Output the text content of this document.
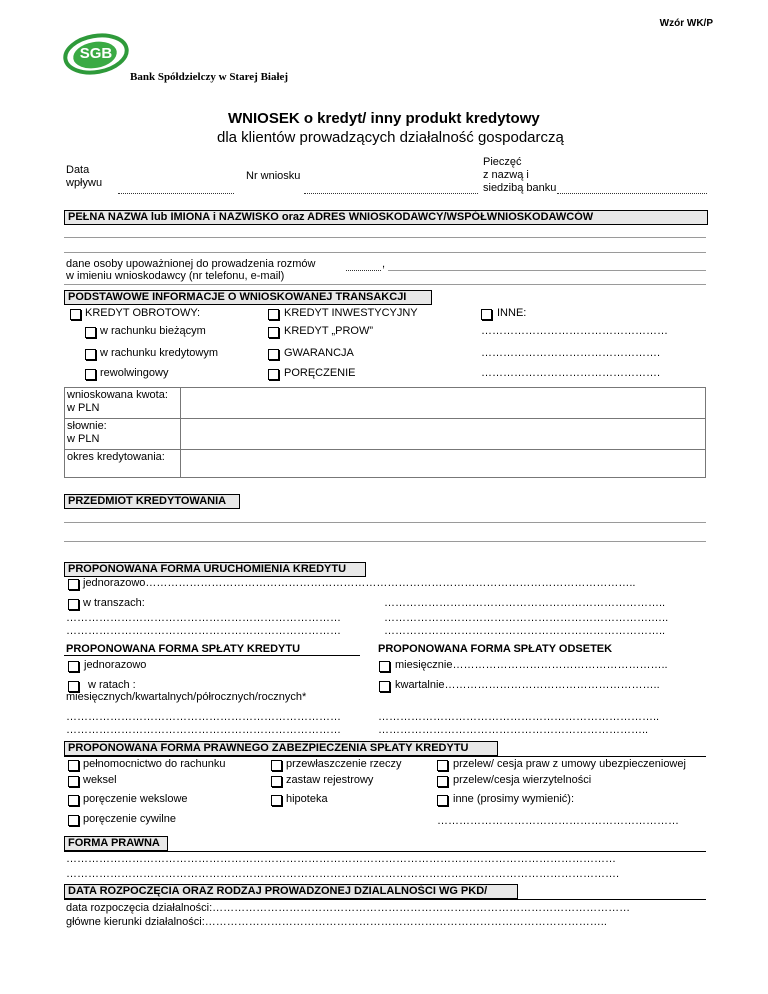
Wzór WK/P
SGB
Bank Spółdzielczy w Starej Białej
WNIOSEK o kredyt/ inny produkt kredytowy
dla klientów prowadzących działalność gospodarczą
Data
wpływu
Nr wniosku
Pieczęć
z nazwą i
siedzibą banku
PEŁNA NAZWA lub IMIONA i NAZWISKO oraz ADRES WNIOSKODAWCY/WSPÓŁWNIOSKODAWCÓW
dane osoby upoważnionej do prowadzenia rozmów
w imieniu wnioskodawcy (nr telefonu, e-mail)
,
PODSTAWOWE INFORMACJE O WNIOSKOWANEJ TRANSAKCJI
KREDYT OBROTOWY:
w rachunku bieżącym
w rachunku kredytowym
rewolwingowy
KREDYT INWESTYCYJNY
KREDYT „PROW”
GWARANCJA
PORĘCZENIE
INNE:
……………………………………………
………………………………………….
………………………………………….
wnioskowana kwota:
w PLN	
słownie:
w PLN	
okres kredytowania:	
PRZEDMIOT KREDYTOWANIA
PROPONOWANA FORMA URUCHOMIENIA KREDYTU
jednorazowo……………………………………………………………………………………………………………………..
w transzach:
…………………………………………………………………
…………………………………………………………………
…………………………………………………………………..
……………………………………………………………….…..
…………………………………………………………………..
PROPONOWANA FORMA SPŁATY KREDYTU	PROPONOWANA FORMA SPŁATY ODSETEK
jednorazowo
w ratach :
miesięcznych/kwartalnych/półrocznych/rocznych*
…………………………………………………………………
…………………………………………………………………
miesięcznie…………………………………………………..
kwartalnie…………………………………………………..
…………………………………………………………………..
………………………………………………………………..
PROPONOWANA FORMA PRAWNEGO ZABEZPIECZENIA SPŁATY KREDYTU
pełnomocnictwo do rachunku
weksel
poręczenie wekslowe
poręczenie cywilne
przewłaszczenie rzeczy
zastaw rejestrowy
hipoteka
przelew/ cesja praw z umowy ubezpieczeniowej
przelew/cesja wierzytelności
inne (prosimy wymienić):
…………………………………………………………
FORMA PRAWNA
……………………………………………………………………………………………………………………………………
…………………………………………………………………………………………………………………………………….
DATA ROZPOCZĘCIA ORAZ RODZAJ PROWADZONEJ DZIALALNOŚCI WG PKD/
data rozpoczęcia działalności:……………………………………………………………………………………………………
główne kierunki działalności:………………………………………………………………………………………………..
